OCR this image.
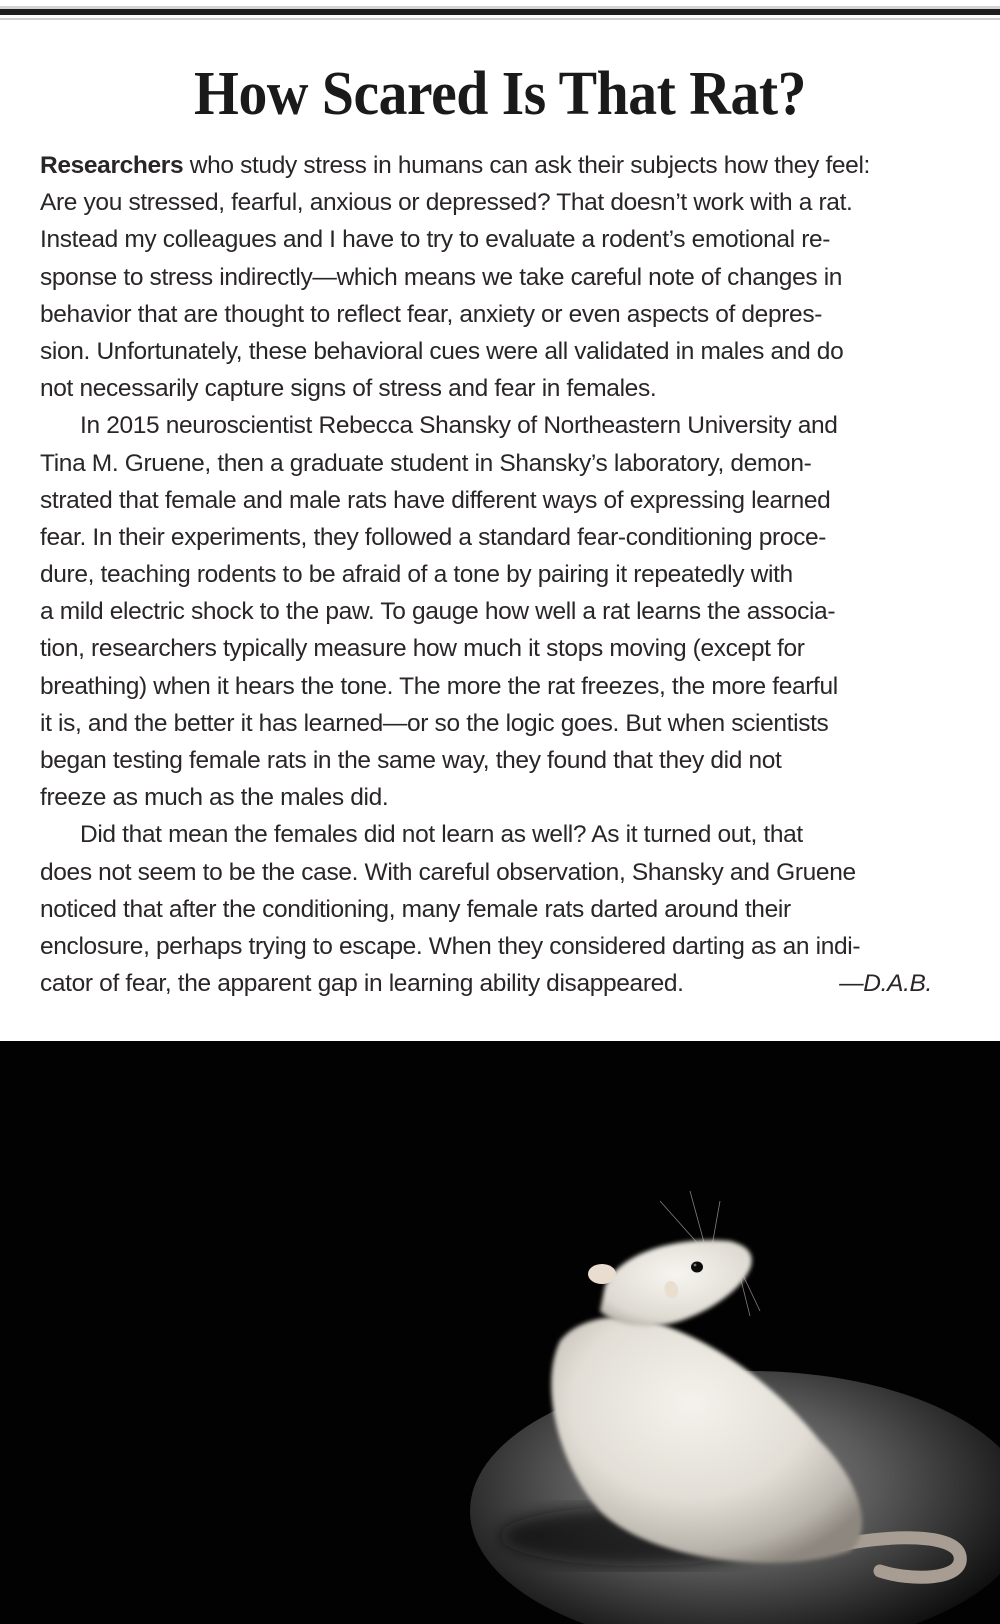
How Scared Is That Rat?
Researchers who study stress in humans can ask their subjects how they feel:
Are you stressed, fearful, anxious or depressed? That doesn’t work with a rat.
Instead my colleagues and I have to try to evaluate a rodent’s emotional re-
sponse to stress indirectly—which means we take careful note of changes in
behavior that are thought to reflect fear, anxiety or even aspects of depres-
sion. Unfortunately, these behavioral cues were all validated in males and do
not necessarily capture signs of stress and fear in females.
In 2015 neuroscientist Rebecca Shansky of Northeastern University and
Tina M. Gruene, then a graduate student in Shansky’s laboratory, demon-
strated that female and male rats have different ways of expressing learned
fear. In their experiments, they followed a standard fear-conditioning proce-
dure, teaching rodents to be afraid of a tone by pairing it repeatedly with
a mild electric shock to the paw. To gauge how well a rat learns the associa-
tion, researchers typically measure how much it stops moving (except for
breathing) when it hears the tone. The more the rat freezes, the more fearful
it is, and the better it has learned—or so the logic goes. But when scientists
began testing female rats in the same way, they found that they did not
freeze as much as the males did.
Did that mean the females did not learn as well? As it turned out, that
does not seem to be the case. With careful observation, Shansky and Gruene
noticed that after the conditioning, many female rats darted around their
enclosure, perhaps trying to escape. When they considered darting as an indi-
cator of fear, the apparent gap in learning ability disappeared.	—D.A.B.
